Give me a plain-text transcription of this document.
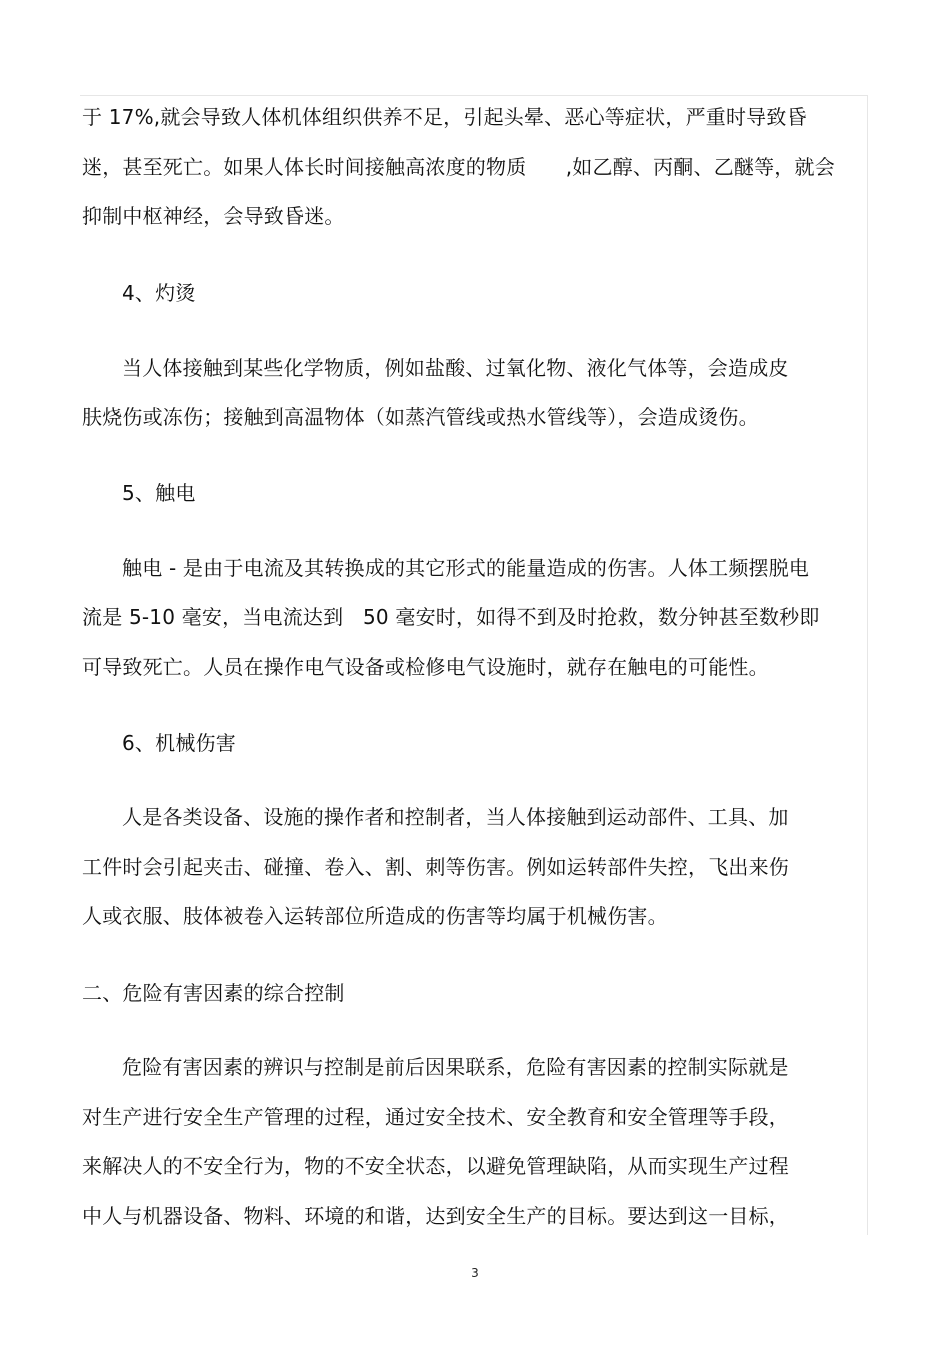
于 17%,就会导致人体机体组织供养不足，引起头晕、恶心等症状，严重时导致昏
迷，甚至死亡。如果人体长时间接触高浓度的物质      ,如乙醇、丙酮、乙醚等，就会
抑制中枢神经，会导致昏迷。
4、灼烫
当人体接触到某些化学物质，例如盐酸、过氧化物、液化气体等，会造成皮
肤烧伤或冻伤；接触到高温物体（如蒸汽管线或热水管线等），会造成烫伤。
5、触电
触电 - 是由于电流及其转换成的其它形式的能量造成的伤害。人体工频摆脱电
流是 5-10 毫安，当电流达到   50 毫安时，如得不到及时抢救，数分钟甚至数秒即
可导致死亡。人员在操作电气设备或检修电气设施时，就存在触电的可能性。
6、机械伤害
人是各类设备、设施的操作者和控制者，当人体接触到运动部件、工具、加
工件时会引起夹击、碰撞、卷入、割、刺等伤害。例如运转部件失控，飞出来伤
人或衣服、肢体被卷入运转部位所造成的伤害等均属于机械伤害。
二、危险有害因素的综合控制
危险有害因素的辨识与控制是前后因果联系，危险有害因素的控制实际就是
对生产进行安全生产管理的过程，通过安全技术、安全教育和安全管理等手段，
来解决人的不安全行为，物的不安全状态，以避免管理缺陷，从而实现生产过程
中人与机器设备、物料、环境的和谐，达到安全生产的目标。要达到这一目标，
3
